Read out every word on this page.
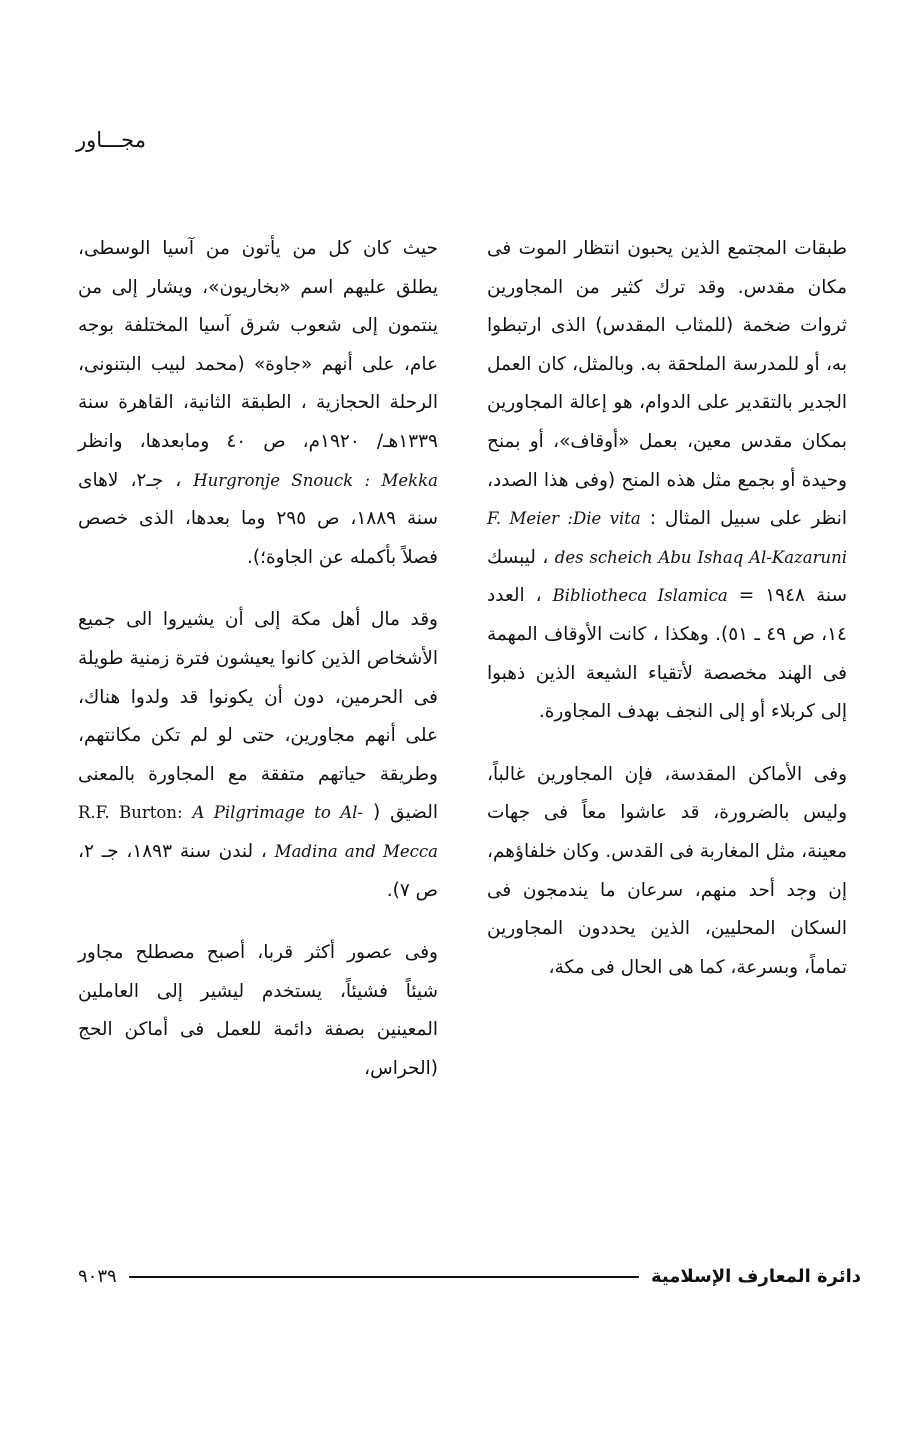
مجـــاور

طبقات المجتمع الذين يحبون انتظار الموت فى مكان مقدس. وقد ترك كثير من المجاورين ثروات ضخمة (للمثاب المقدس) الذى ارتبطوا به، أو للمدرسة الملحقة به. وبالمثل، كان العمل الجدير بالتقدير على الدوام، هو إعالة المجاورين بمكان مقدس معين، بعمل «أوقاف»، أو بمنح وحيدة أو بجمع مثل هذه المنح (وفى هذا الصدد، انظر على سبيل المثال : F. Meier :Die vita des scheich Abu Ishaq Al-Kazaruni ، ليبسك سنة ١٩٤٨ = Bibliotheca Islamica ، العدد ١٤، ص ٤٩ ـ ٥١). وهكذا ، كانت الأوقاف المهمة فى الهند مخصصة لأتقياء الشيعة الذين ذهبوا إلى كربلاء أو إلى النجف بهدف المجاورة.

وفى الأماكن المقدسة، فإن المجاورين غالباً، وليس بالضرورة، قد عاشوا معاً فى جهات معينة، مثل المغاربة فى القدس. وكان خلفاؤهم، إن وجد أحد منهم، سرعان ما يندمجون فى السكان المحليين، الذين يحددون المجاورين تماماً، وبسرعة، كما هى الحال فى مكة،

حيث كان كل من يأتون من آسيا الوسطى، يطلق عليهم اسم «بخاريون»، ويشار إلى من ينتمون إلى شعوب شرق آسيا المختلفة بوجه عام، على أنهم «جاوة» (محمد لبيب البتنونى، الرحلة الحجازية ، الطبقة الثانية، القاهرة سنة ١٣٣٩هـ/ ١٩٢٠م، ص ٤٠ ومابعدها، وانظر Hurgronje Snouck : Mekka ، جـ٢، لاهاى سنة ١٨٨٩، ص ٢٩٥ وما بعدها، الذى خصص فصلاً بأكمله عن الجاوة؛).

وقد مال أهل مكة إلى أن يشيروا الى جميع الأشخاص الذين كانوا يعيشون فترة زمنية طويلة فى الحرمين، دون أن يكونوا قد ولدوا هناك، على أنهم مجاورين، حتى لو لم تكن مكانتهم، وطريقة حياتهم متفقة مع المجاورة بالمعنى الضيق ( R.F. Burton: A Pilgrimage to Al-Madina and Mecca ، لندن سنة ١٨٩٣، جـ ٢، ص ٧).

وفى عصور أكثر قربا، أصبح مصطلح مجاور شيئاً فشيئاً، يستخدم ليشير إلى العاملين المعينين بصفة دائمة للعمل فى أماكن الحج (الحراس،

دائرة المعارف الإسلامية
٩٠٣٩
